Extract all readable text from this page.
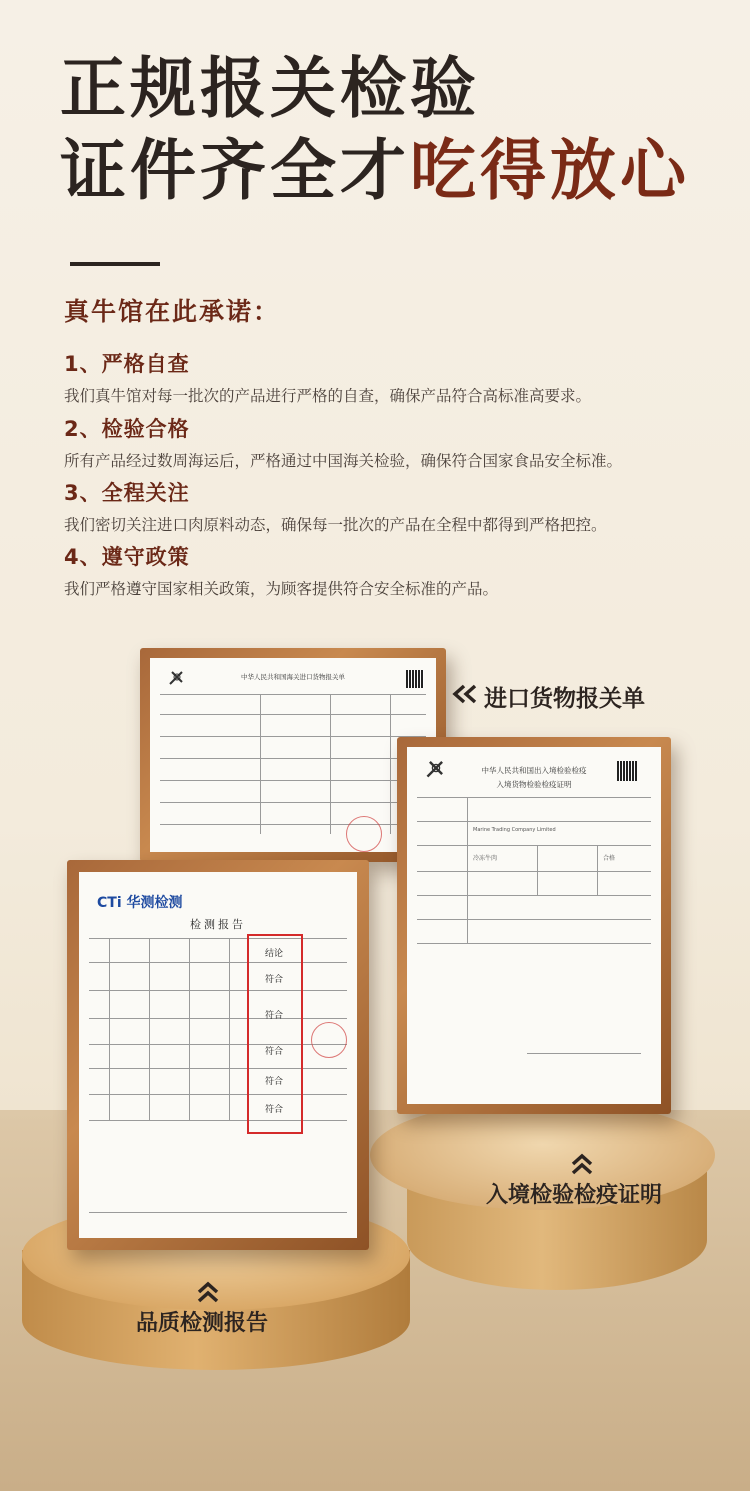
正规报关检验
证件齐全才吃得放心
真牛馆在此承诺：
1、严格自查
我们真牛馆对每一批次的产品进行严格的自查，确保产品符合高标准高要求。
2、检验合格
所有产品经过数周海运后，严格通过中国海关检验，确保符合国家食品安全标准。
3、全程关注
我们密切关注进口肉原料动态，确保每一批次的产品在全程中都得到严格把控。
4、遵守政策
我们严格遵守国家相关政策，为顾客提供符合安全标准的产品。
中华人民共和国海关进口货物报关单
进口货物报关单
中华人民共和国出入境检验检疫
入境货物检验检疫证明
Marine Trading Company Limited
冷冻牛肉	合格
CTi 华测检测
检测报告
结论
符合
符合
符合
符合
符合
入境检验检疫证明
品质检测报告
